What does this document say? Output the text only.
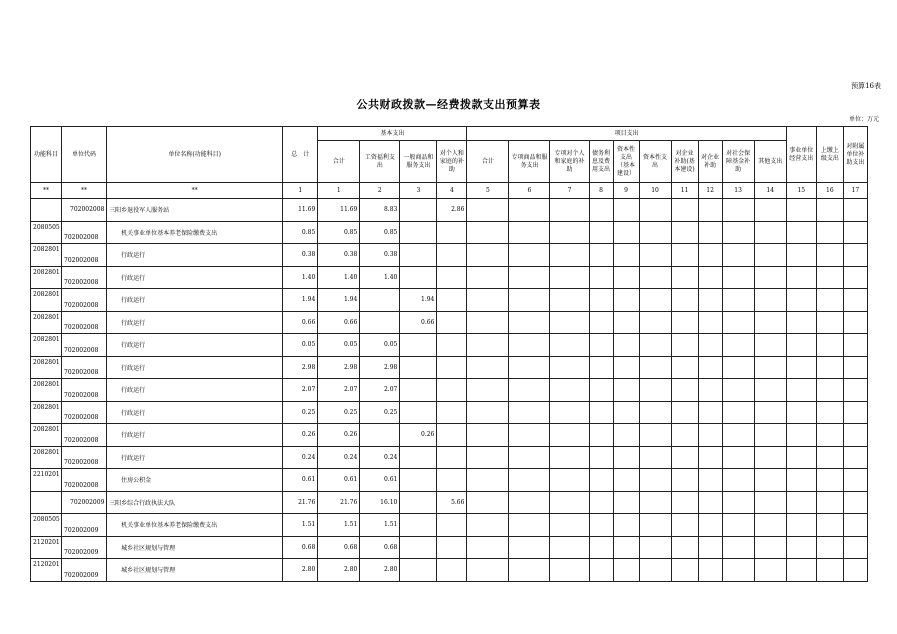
预算16表
公共财政拨款—经费拨款支出预算表
单位：万元
功能科目	单位代码	单位名称(功能科目)	总　计	基本支出				项目支出										事业单位经营支出	上缴上级支出	对附属单位补助支出
				合计	工资福利支出	一般商品和服务支出	对个人和家庭的补助	合计	专项商品和服务支出	专项对个人和家庭的补助	债务利息及费用支出	资本性支出（基本建设）	资本性支出	对企业补助(基本建设)	对企业补助	对社会保障基金补助	其他支出			
**	**	**	1	1	2	3	4	5	6	7	8	9	10	11	12	13	14	15	16	17
	702002008	三阳乡退役军人服务站	11.69	11.69	8.83		2.86													
2080505	702002008	机关事业单位基本养老保险缴费支出	0.85	0.85	0.85															
2082801	702002008	行政运行	0.38	0.38	0.38															
2082801	702002008	行政运行	1.40	1.40	1.40															
2082801	702002008	行政运行	1.94	1.94		1.94														
2082801	702002008	行政运行	0.66	0.66		0.66														
2082801	702002008	行政运行	0.05	0.05	0.05															
2082801	702002008	行政运行	2.98	2.98	2.98															
2082801	702002008	行政运行	2.07	2.07	2.07															
2082801	702002008	行政运行	0.25	0.25	0.25															
2082801	702002008	行政运行	0.26	0.26		0.26														
2082801	702002008	行政运行	0.24	0.24	0.24															
2210201	702002008	住房公积金	0.61	0.61	0.61															
	702002009	三阳乡综合行政执法大队	21.76	21.76	16.10		5.66													
2080505	702002009	机关事业单位基本养老保险缴费支出	1.51	1.51	1.51															
2120201	702002009	城乡社区规划与管理	0.68	0.68	0.68															
2120201	702002009	城乡社区规划与管理	2.80	2.80	2.80															
